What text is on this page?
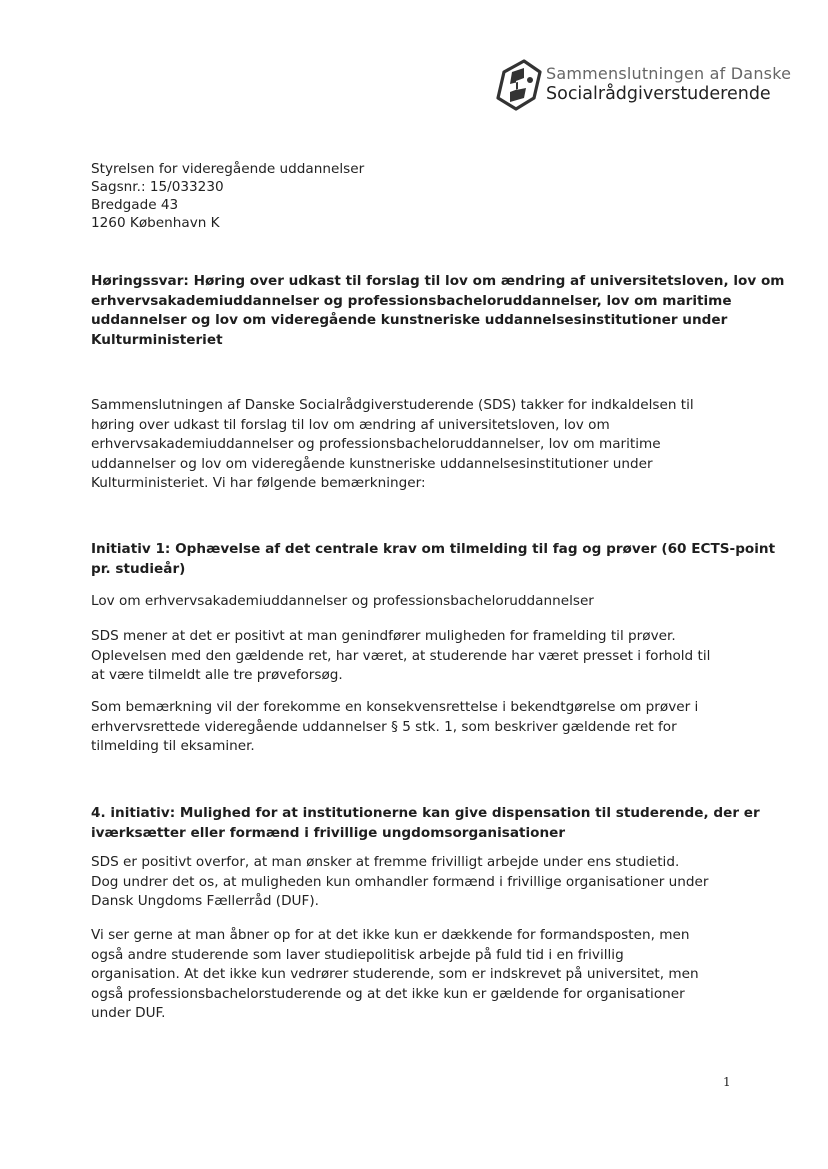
Sammenslutningen af Danske
Socialrådgiverstuderende
Styrelsen for videregående uddannelser
Sagsnr.: 15/033230
Bredgade 43
1260 København K
Høringssvar: Høring over udkast til forslag til lov om ændring af universitetsloven, lov om
erhvervsakademiuddannelser og professionsbacheloruddannelser, lov om maritime
uddannelser og lov om videregående kunstneriske uddannelsesinstitutioner under
Kulturministeriet
Sammenslutningen af Danske Socialrådgiverstuderende (SDS) takker for indkaldelsen til
høring over udkast til forslag til lov om ændring af universitetsloven, lov om
erhvervsakademiuddannelser og professionsbacheloruddannelser, lov om maritime
uddannelser og lov om videregående kunstneriske uddannelsesinstitutioner under
Kulturministeriet. Vi har følgende bemærkninger:
Initiativ 1: Ophævelse af det centrale krav om tilmelding til fag og prøver (60 ECTS-point
pr. studieår)
Lov om erhvervsakademiuddannelser og professionsbacheloruddannelser
SDS mener at det er positivt at man genindfører muligheden for framelding til prøver.
Oplevelsen med den gældende ret, har været, at studerende har været presset i forhold til
at være tilmeldt alle tre prøveforsøg.
Som bemærkning vil der forekomme en konsekvensrettelse i bekendtgørelse om prøver i
erhvervsrettede videregående uddannelser § 5 stk. 1, som beskriver gældende ret for
tilmelding til eksaminer.
4. initiativ: Mulighed for at institutionerne kan give dispensation til studerende, der er
iværksætter eller formænd i frivillige ungdomsorganisationer
SDS er positivt overfor, at man ønsker at fremme frivilligt arbejde under ens studietid.
Dog undrer det os, at muligheden kun omhandler formænd i frivillige organisationer under
Dansk Ungdoms Fællerråd (DUF).
Vi ser gerne at man åbner op for at det ikke kun er dækkende for formandsposten, men
også andre studerende som laver studiepolitisk arbejde på fuld tid i en frivillig
organisation. At det ikke kun vedrører studerende, som er indskrevet på universitet, men
også professionsbachelorstuderende og at det ikke kun er gældende for organisationer
under DUF.
1
